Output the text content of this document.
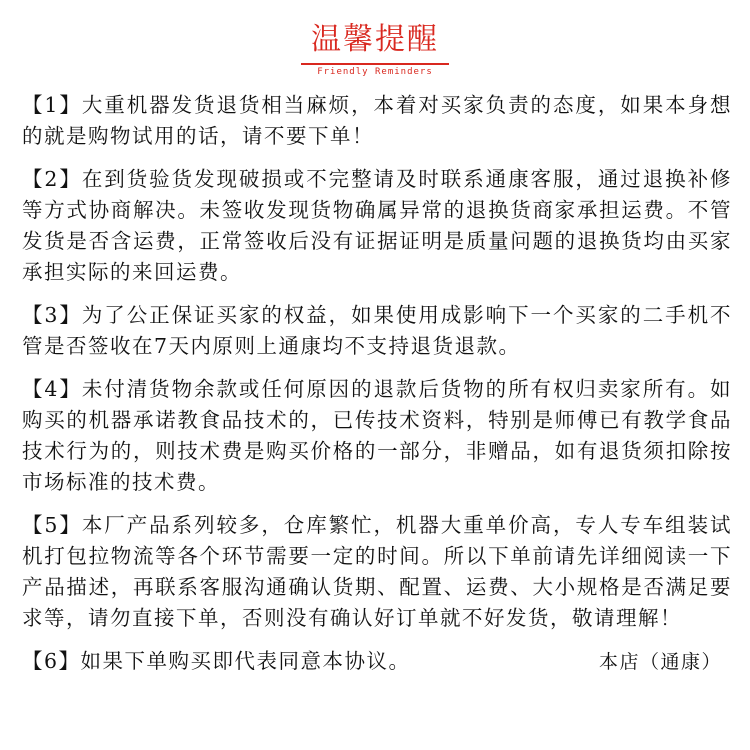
温馨提醒
Friendly Reminders

【1】大重机器发货退货相当麻烦，本着对买家负责的态度，如果本身想的就是购物试用的话，请不要下单！

【2】在到货验货发现破损或不完整请及时联系通康客服，通过退换补修等方式协商解决。未签收发现货物确属异常的退换货商家承担运费。不管发货是否含运费，正常签收后没有证据证明是质量问题的退换货均由买家承担实际的来回运费。

【3】为了公正保证买家的权益，如果使用成影响下一个买家的二手机不管是否签收在7天内原则上通康均不支持退货退款。

【4】未付清货物余款或任何原因的退款后货物的所有权归卖家所有。如购买的机器承诺教食品技术的，已传技术资料，特别是师傅已有教学食品技术行为的，则技术费是购买价格的一部分，非赠品，如有退货须扣除按市场标准的技术费。

【5】本厂产品系列较多，仓库繁忙，机器大重单价高，专人专车组装试机打包拉物流等各个环节需要一定的时间。所以下单前请先详细阅读一下产品描述，再联系客服沟通确认货期、配置、运费、大小规格是否满足要求等，请勿直接下单，否则没有确认好订单就不好发货，敬请理解！

【6】如果下单购买即代表同意本协议。	本店（通康）
